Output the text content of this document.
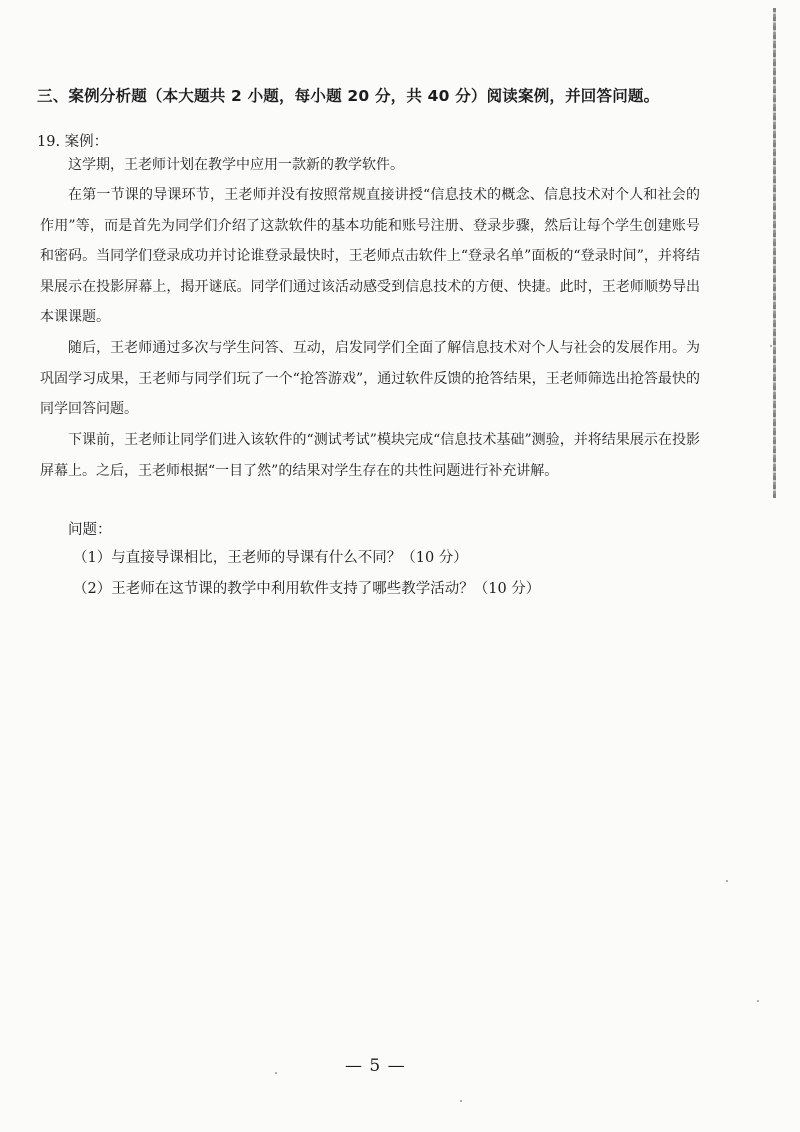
三、案例分析题（本大题共 2 小题，每小题 20 分，共 40 分）阅读案例，并回答问题。
19. 案例：

这学期，王老师计划在教学中应用一款新的教学软件。

在第一节课的导课环节，王老师并没有按照常规直接讲授“信息技术的概念、信息技术对个人和社会的作用”等，而是首先为同学们介绍了这款软件的基本功能和账号注册、登录步骤，然后让每个学生创建账号和密码。当同学们登录成功并讨论谁登录最快时，王老师点击软件上“登录名单”面板的“登录时间”，并将结果展示在投影屏幕上，揭开谜底。同学们通过该活动感受到信息技术的方便、快捷。此时，王老师顺势导出本课课题。

随后，王老师通过多次与学生问答、互动，启发同学们全面了解信息技术对个人与社会的发展作用。为巩固学习成果，王老师与同学们玩了一个“抢答游戏”，通过软件反馈的抢答结果，王老师筛选出抢答最快的同学回答问题。

下课前，王老师让同学们进入该软件的“测试考试”模块完成“信息技术基础”测验，并将结果展示在投影屏幕上。之后，王老师根据“一目了然”的结果对学生存在的共性问题进行补充讲解。

问题：
（1）与直接导课相比，王老师的导课有什么不同？（10 分）
（2）王老师在这节课的教学中利用软件支持了哪些教学活动？（10 分）
— 5 —
